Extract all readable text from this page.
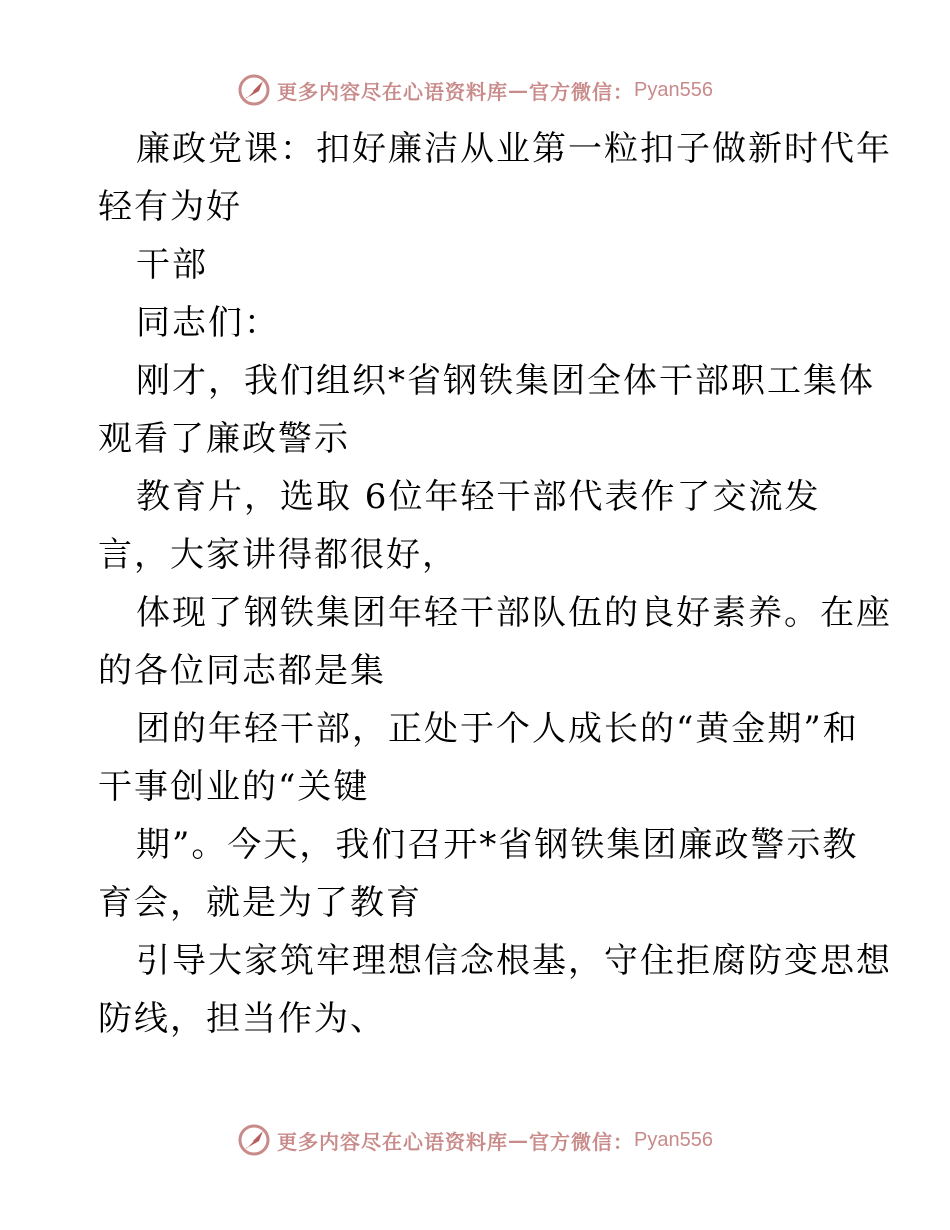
更多内容尽在心语资料库 — 官方微信： Pyan556
廉政党课：扣好廉洁从业第一粒扣子做新时代年
轻有为好
干部
同志们：
刚才，我们组织*省钢铁集团全体干部职工集体
观看了廉政警示
教育片，选取 6位年轻干部代表作了交流发
言，大家讲得都很好，
体现了钢铁集团年轻干部队伍的良好素养。在座
的各位同志都是集
团的年轻干部，正处于个人成长的“黄金期”和
干事创业的“关键
期”。今天，我们召开*省钢铁集团廉政警示教
育会，就是为了教育
引导大家筑牢理想信念根基，守住拒腐防变思想
防线，担当作为、
更多内容尽在心语资料库 — 官方微信： Pyan556
